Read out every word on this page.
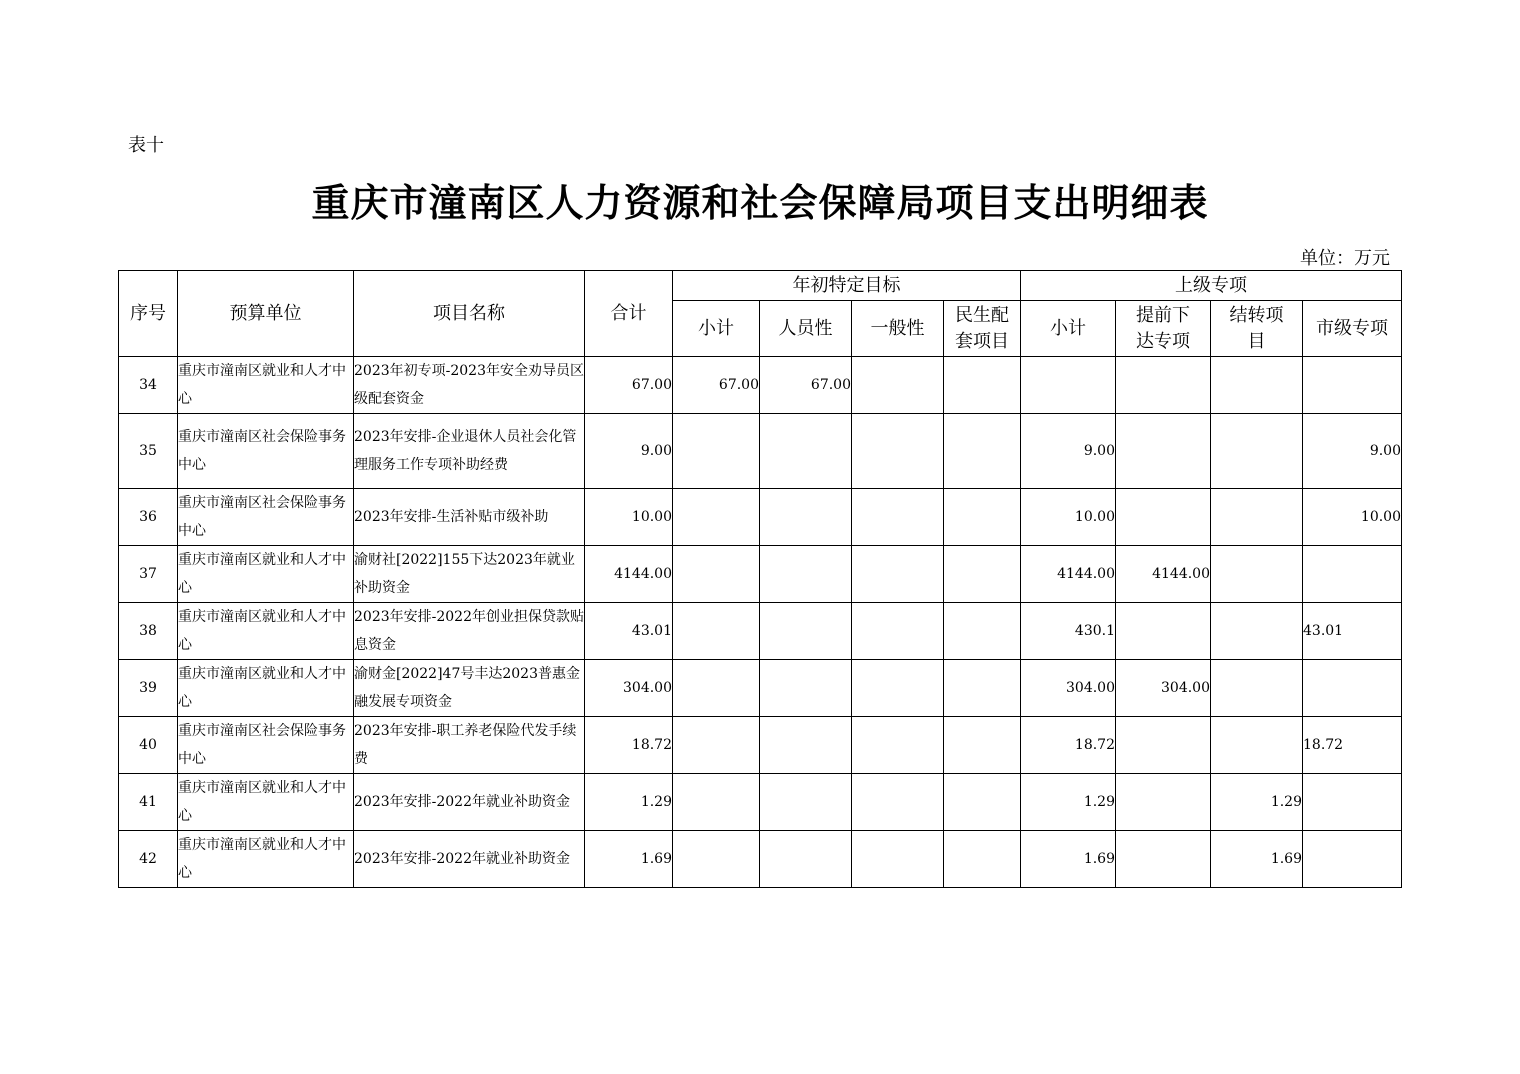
表十
重庆市潼南区人力资源和社会保障局项目支出明细表
单位：万元
序号	预算单位	项目名称	合计	年初特定目标				上级专项			
				小计	人员性	一般性	民生配套项目	小计	提前下达专项	结转项目	市级专项
34	重庆市潼南区就业和人才中心	2023年初专项-2023年安全劝导员区级配套资金	67.00	67.00	67.00						
35	重庆市潼南区社会保险事务中心	2023年安排-企业退休人员社会化管理服务工作专项补助经费	9.00					9.00			9.00
36	重庆市潼南区社会保险事务中心	2023年安排-生活补贴市级补助	10.00					10.00			10.00
37	重庆市潼南区就业和人才中心	渝财社[2022]155下达2023年就业补助资金	4144.00					4144.00	4144.00		
38	重庆市潼南区就业和人才中心	2023年安排-2022年创业担保贷款贴息资金	43.01					430.1			43.01
39	重庆市潼南区就业和人才中心	渝财金[2022]47号丰达2023普惠金融发展专项资金	304.00					304.00	304.00		
40	重庆市潼南区社会保险事务中心	2023年安排-职工养老保险代发手续费	18.72					18.72			18.72
41	重庆市潼南区就业和人才中心	2023年安排-2022年就业补助资金	1.29					1.29		1.29	
42	重庆市潼南区就业和人才中心	2023年安排-2022年就业补助资金	1.69					1.69		1.69	
